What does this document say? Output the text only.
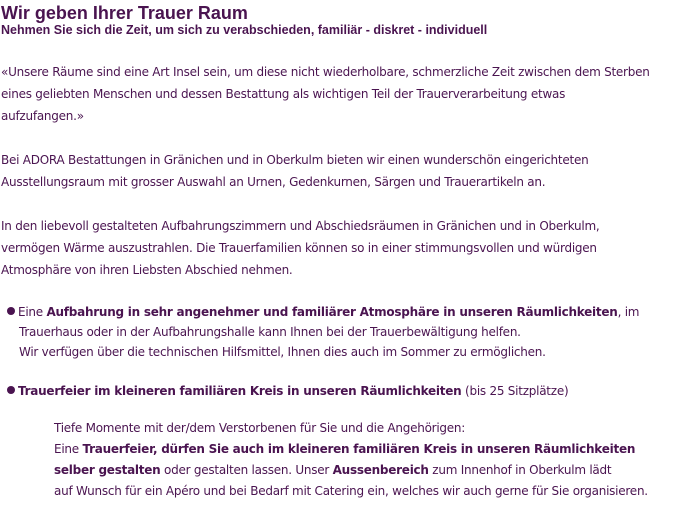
Wir geben Ihrer Trauer Raum
Nehmen Sie sich die Zeit, um sich zu verabschieden, familiär - diskret - individuell
«Unsere Räume sind eine Art Insel sein, um diese nicht wiederholbare, schmerzliche Zeit zwischen dem Sterben
eines geliebten Menschen und dessen Bestattung als wichtigen Teil der Trauerverarbeitung etwas
aufzufangen.»
Bei ADORA Bestattungen in Gränichen und in Oberkulm bieten wir einen wunderschön eingerichteten
Ausstellungsraum mit grosser Auswahl an Urnen, Gedenkurnen, Särgen und Trauerartikeln an.
In den liebevoll gestalteten Aufbahrungszimmern und Abschiedsräumen in Gränichen und in Oberkulm,
vermögen Wärme auszustrahlen. Die Trauerfamilien können so in einer stimmungsvollen und würdigen
Atmosphäre von ihren Liebsten Abschied nehmen.
Eine Aufbahrung in sehr angenehmer und familiärer Atmosphäre in unseren Räumlichkeiten, im
Trauerhaus oder in der Aufbahrungshalle kann Ihnen bei der Trauerbewältigung helfen.
Wir verfügen über die technischen Hilfsmittel, Ihnen dies auch im Sommer zu ermöglichen.
Trauerfeier im kleineren familiären Kreis in unseren Räumlichkeiten (bis 25 Sitzplätze)
Tiefe Momente mit der/dem Verstorbenen für Sie und die Angehörigen:
Eine Trauerfeier, dürfen Sie auch im kleineren familiären Kreis in unseren Räumlichkeiten
selber gestalten oder gestalten lassen. Unser Aussenbereich zum Innenhof in Oberkulm lädt
auf Wunsch für ein Apéro und bei Bedarf mit Catering ein, welches wir auch gerne für Sie organisieren.
